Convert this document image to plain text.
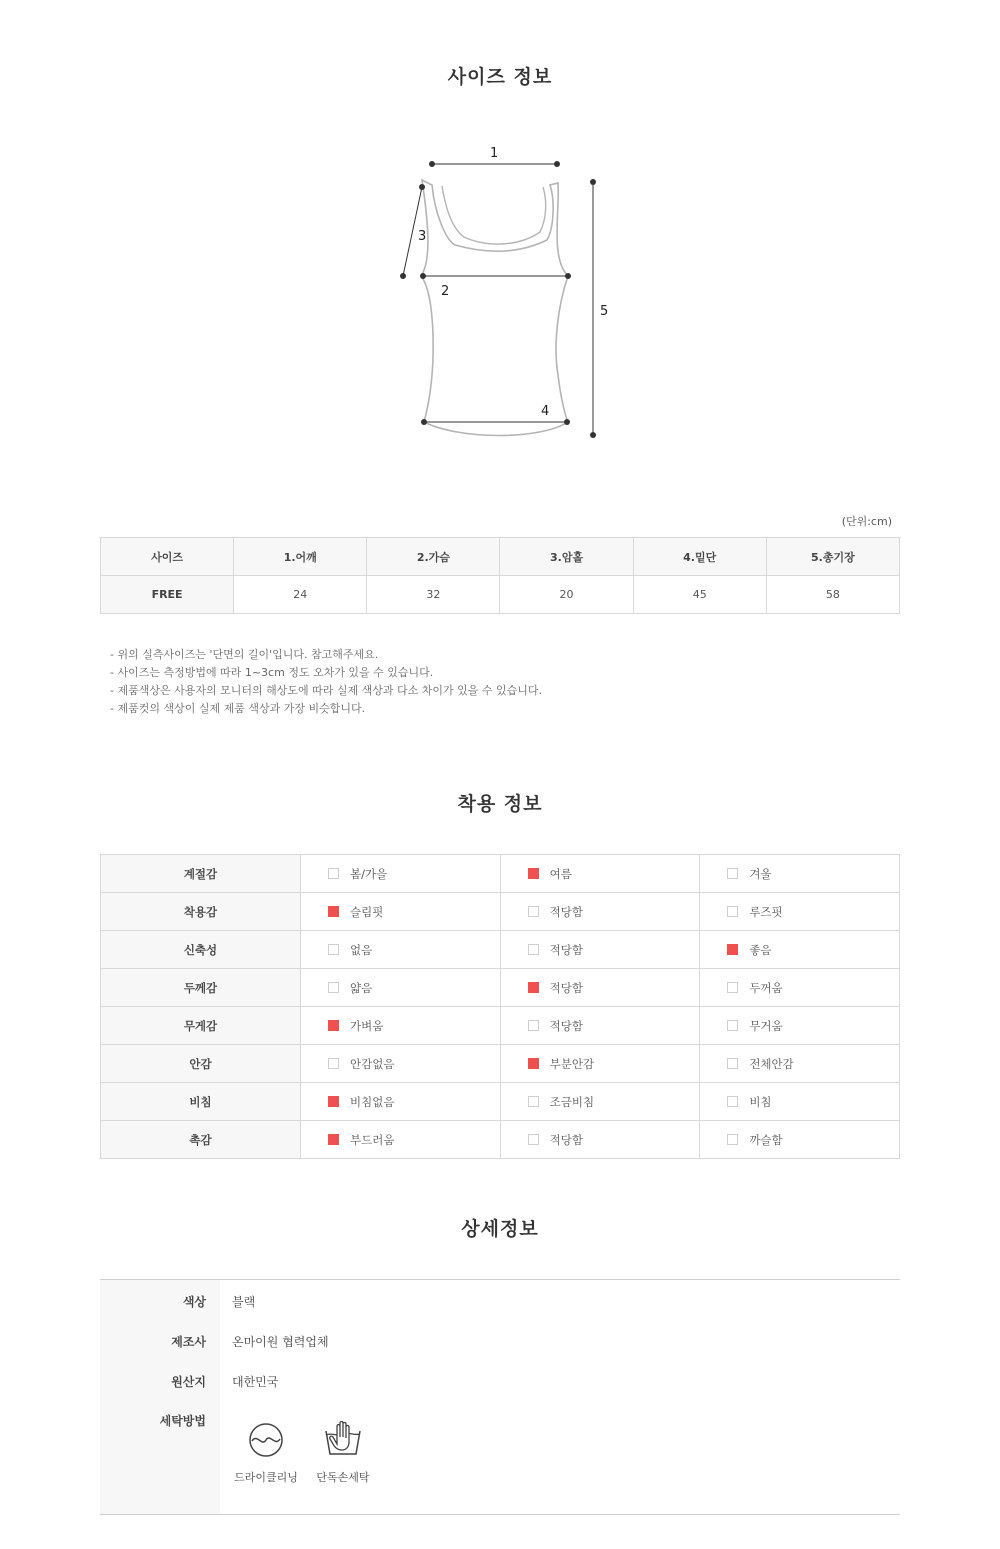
사이즈 정보
1
2
3
4
5
(단위:cm)
사이즈	1.어깨	2.가슴	3.암홀	4.밑단	5.총기장
FREE	24	32	20	45	58
- 위의 실측사이즈는 '단면의 길이'입니다. 참고해주세요.
- 사이즈는 측정방법에 따라 1~3cm 정도 오차가 있을 수 있습니다.
- 제품색상은 사용자의 모니터의 해상도에 따라 실제 색상과 다소 차이가 있을 수 있습니다.
- 제품컷의 색상이 실제 제품 색상과 가장 비슷합니다.
착용 정보
계절감	봄/가을	여름	겨울
착용감	슬림핏	적당함	루즈핏
신축성	없음	적당함	좋음
두께감	얇음	적당함	두꺼움
무게감	가벼움	적당함	무거움
안감	안감없음	부분안감	전체안감
비침	비침없음	조금비침	비침
촉감	부드러움	적당함	까슬함
상세정보
색상 블랙
제조사 온마이원 협력업체
원산지 대한민국
세탁방법
드라이클리닝	단독손세탁
